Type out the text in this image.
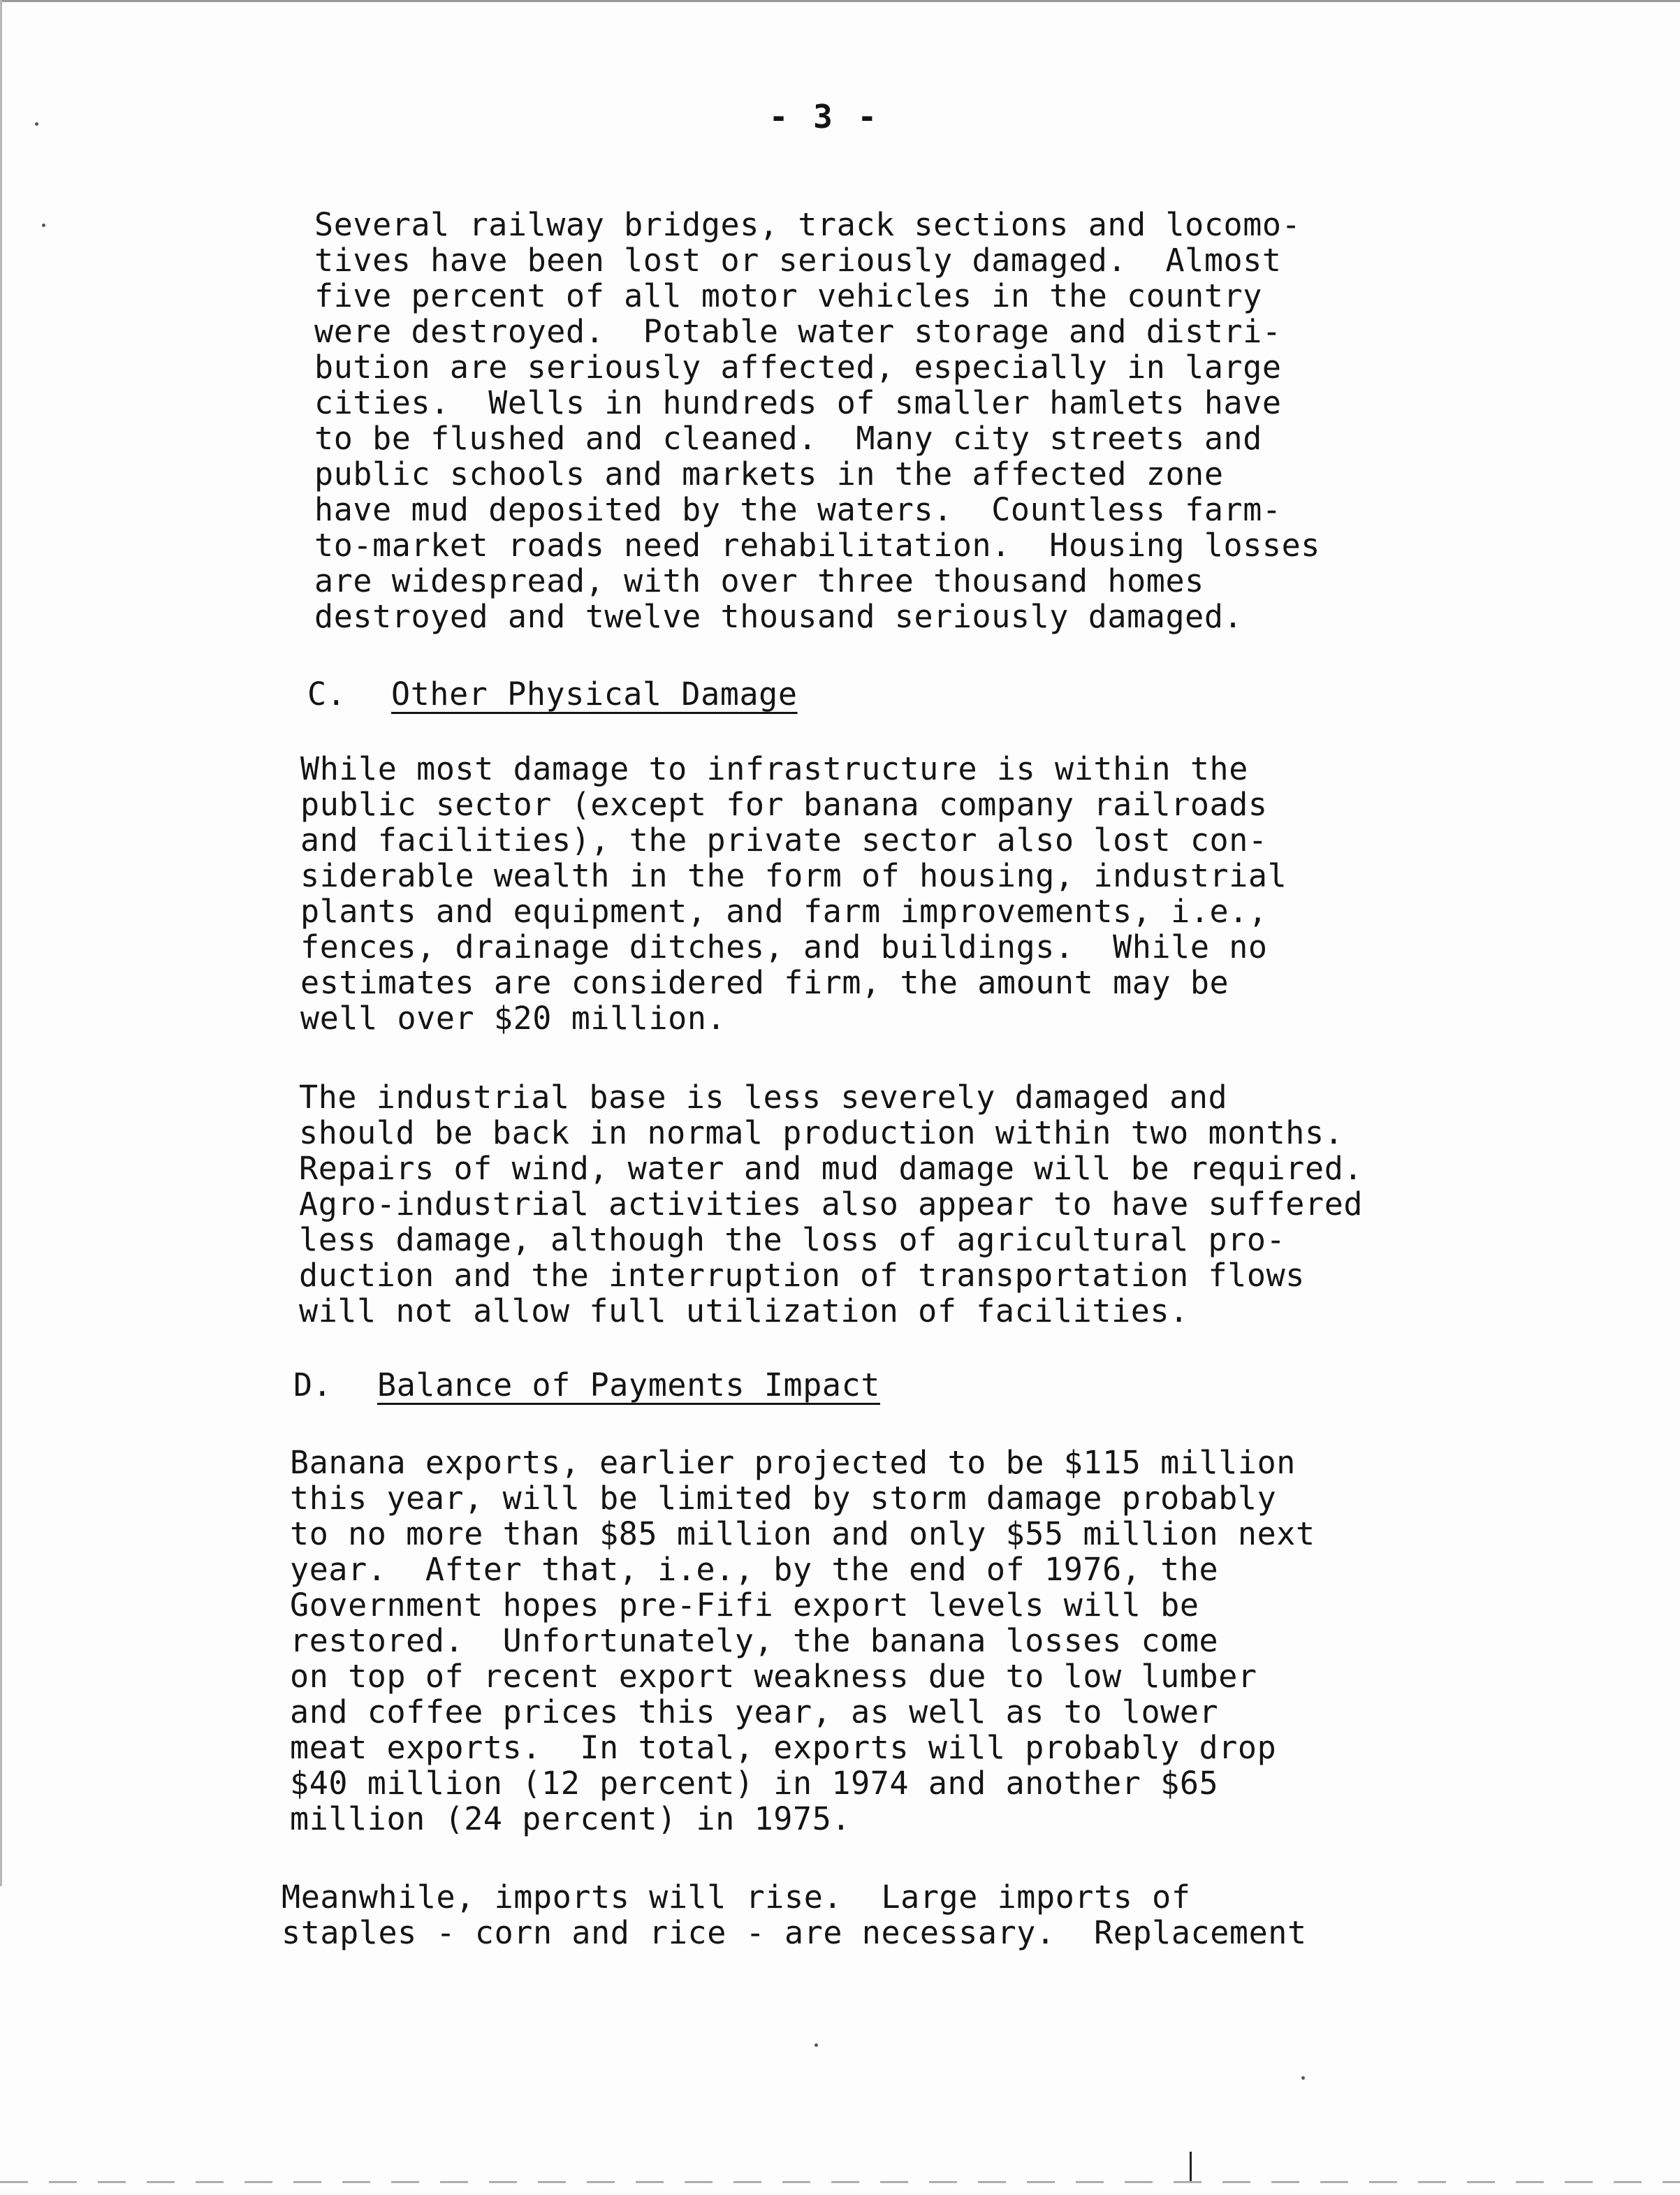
- 3 -
Several railway bridges, track sections and locomo-
tives have been lost or seriously damaged.  Almost
five percent of all motor vehicles in the country
were destroyed.  Potable water storage and distri-
bution are seriously affected, especially in large
cities.  Wells in hundreds of smaller hamlets have
to be flushed and cleaned.  Many city streets and
public schools and markets in the affected zone
have mud deposited by the waters.  Countless farm-
to-market roads need rehabilitation.  Housing losses
are widespread, with over three thousand homes
destroyed and twelve thousand seriously damaged.
C. Other Physical Damage
While most damage to infrastructure is within the
public sector (except for banana company railroads
and facilities), the private sector also lost con-
siderable wealth in the form of housing, industrial
plants and equipment, and farm improvements, i.e.,
fences, drainage ditches, and buildings.  While no
estimates are considered firm, the amount may be
well over $20 million.
The industrial base is less severely damaged and
should be back in normal production within two months.
Repairs of wind, water and mud damage will be required.
Agro-industrial activities also appear to have suffered
less damage, although the loss of agricultural pro-
duction and the interruption of transportation flows
will not allow full utilization of facilities.
D. Balance of Payments Impact
Banana exports, earlier projected to be $115 million
this year, will be limited by storm damage probably
to no more than $85 million and only $55 million next
year.  After that, i.e., by the end of 1976, the
Government hopes pre-Fifi export levels will be
restored.  Unfortunately, the banana losses come
on top of recent export weakness due to low lumber
and coffee prices this year, as well as to lower
meat exports.  In total, exports will probably drop
$40 million (12 percent) in 1974 and another $65
million (24 percent) in 1975.
Meanwhile, imports will rise.  Large imports of
staples - corn and rice - are necessary.  Replacement
